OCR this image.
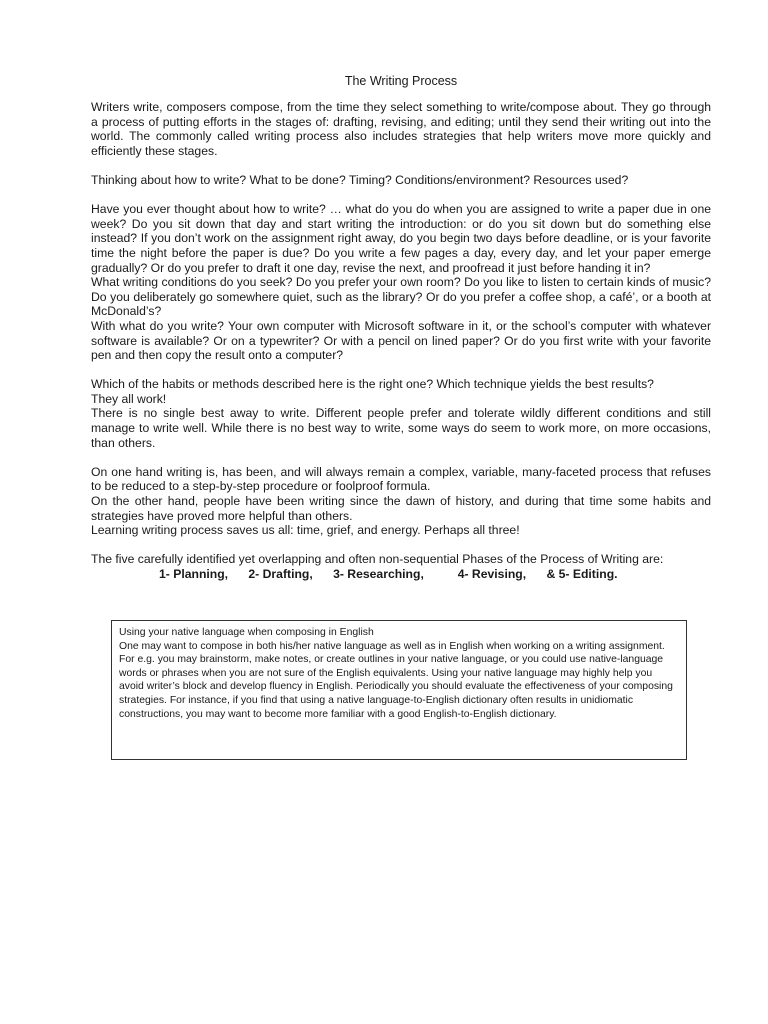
The Writing Process

Writers write, composers compose, from the time they select something to write/compose about. They go through a process of putting efforts in the stages of: drafting, revising, and editing; until they send their writing out into the world. The commonly called writing process also includes strategies that help writers move more quickly and efficiently these stages.

Thinking about how to write? What to be done? Timing? Conditions/environment? Resources used?

Have you ever thought about how to write? … what do you do when you are assigned to write a paper due in one week? Do you sit down that day and start writing the introduction: or do you sit down but do something else instead? If you don’t work on the assignment right away, do you begin two days before deadline, or is your favorite time the night before the paper is due? Do you write a few pages a day, every day, and let your paper emerge gradually? Or do you prefer to draft it one day, revise the next, and proofread it just before handing it in?

What writing conditions do you seek? Do you prefer your own room? Do you like to listen to certain kinds of music? Do you deliberately go somewhere quiet, such as the library? Or do you prefer a coffee shop, a café’, or a booth at McDonald’s?

With what do you write? Your own computer with Microsoft software in it, or the school’s computer with whatever software is available? Or on a typewriter? Or with a pencil on lined paper? Or do you first write with your favorite pen and then copy the result onto a computer?

Which of the habits or methods described here is the right one? Which technique yields the best results?

They all work!

There is no single best away to write. Different people prefer and tolerate wildly different conditions and still manage to write well. While there is no best way to write, some ways do seem to work more, on more occasions, than others.

On one hand writing is, has been, and will always remain a complex, variable, many-faceted process that refuses to be reduced to a step-by-step procedure or foolproof formula.

On the other hand, people have been writing since the dawn of history, and during that time some habits and strategies have proved more helpful than others.

Learning writing process saves us all: time, grief, and energy. Perhaps all three!

The five carefully identified yet overlapping and often non-sequential Phases of the Process of Writing are:

1- Planning, 2- Drafting, 3- Researching,	4- Revising, & 5- Editing.

Using your native language when composing in English

One may want to compose in both his/her native language as well as in English when working on a writing assignment. For e.g. you may brainstorm, make notes, or create outlines in your native language, or you could use native-language words or phrases when you are not sure of the English equivalents. Using your native language may highly help you avoid writer’s block and develop fluency in English. Periodically you should evaluate the effectiveness of your composing strategies. For instance, if you find that using a native language-to-English dictionary often results in unidiomatic constructions, you may want to become more familiar with a good English-to-English dictionary.
